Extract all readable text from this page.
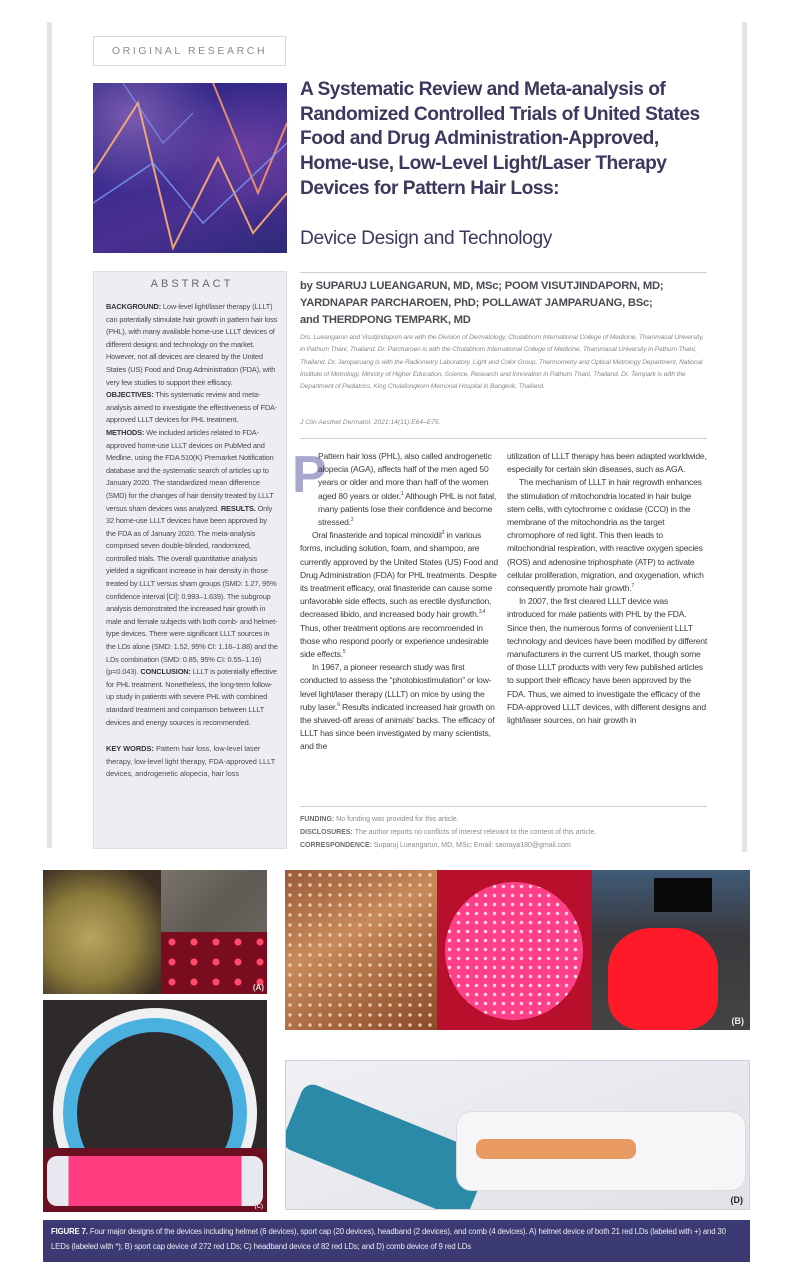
ORIGINAL RESEARCH
A Systematic Review and Meta-analysis of Randomized Controlled Trials of United States Food and Drug Administration-Approved, Home-use, Low-Level Light/Laser Therapy Devices for Pattern Hair Loss:
Device Design and Technology
ABSTRACT
BACKGROUND: Low-level light/laser therapy (LLLT) can potentially stimulate hair growth in pattern hair loss (PHL), with many available home-use LLLT devices of different designs and technology on the market. However, not all devices are cleared by the United States (US) Food and Drug Administration (FDA), with very few studies to support their efficacy. OBJECTIVES: This systematic review and meta-analysis aimed to investigate the effectiveness of FDA-approved LLLT devices for PHL treatment. METHODS: We included articles related to FDA-approved home-use LLLT devices on PubMed and Medline, using the FDA 510(K) Premarket Notification database and the systematic search of articles up to January 2020. The standardized mean difference (SMD) for the changes of hair density treated by LLLT versus sham devices was analyzed. RESULTS. Only 32 home-use LLLT devices have been approved by the FDA as of January 2020. The meta-analysis comprised seven double-blinded, randomized, controlled trials. The overall quantitative analysis yielded a significant increase in hair density in those treated by LLLT versus sham groups (SMD: 1.27, 95% confidence interval [CI]: 0.993–1.639). The subgroup analysis demonstrated the increased hair growth in male and female subjects with both comb- and helmet-type devices. There were significant LLLT sources in the LDs alone (SMD: 1.52, 95% CI: 1.16–1.88) and the LDs combination (SMD: 0.85, 95% CI: 0.55–1.16) (p=0.043). CONCLUSION: LLLT is potentially effective for PHL treatment. Nonetheless, the long-term follow-up study in patients with severe PHL with combined standard treatment and comparison between LLLT devices and energy sources is recommended.
KEY WORDS: Pattern hair loss, low-level laser therapy, low-level light therapy, FDA-approved LLLT devices, androgenetic alopecia, hair loss
by SUPARUJ LUEANGARUN, MD, MSc; POOM VISUTJINDAPORN, MD;
YARDNAPAR PARCHAROEN, PhD; POLLAWAT JAMPARUANG, BSc;
and THERDPONG TEMPARK, MD
Drs. Lueangarun and Visutjindaporn are with the Division of Dermatology, Chulabhorn International College of Medicine, Thammasat University, in Pathum Thani, Thailand. Dr. Parcharoen is with the Chulabhorn International College of Medicine, Thammasat University in Pathum Thani, Thailand. Dr. Jamparuang is with the Radiometry Laboratory, Light and Color Group, Thermometry and Optical Metrology Department, National Institute of Metrology, Ministry of Higher Education, Science, Research and Innovation in Pathum Thani, Thailand. Dr. Tempark is with the Department of Pediatrics, King Chulalongkorn Memorial Hospital in Bangkok, Thailand.
J Clin Aesthet Dermatol. 2021;14(11):E64–E75.
P

Pattern hair loss (PHL), also called androgenetic alopecia (AGA), affects half of the men aged 50 years or older and more than half of the women aged 80 years or older.$^1$ Although PHL is not fatal, many patients lose their confidence and become stressed.$^2$

Oral finasteride and topical minoxidil$^3$ in various forms, including solution, foam, and shampoo, are currently approved by the United States (US) Food and Drug Administration (FDA) for PHL treatments. Despite its treatment efficacy, oral finasteride can cause some unfavorable side effects, such as erectile dysfunction, decreased libido, and increased body hair growth.$^{3,4}$ Thus, other treatment options are recommended in those who respond poorly or experience undesirable side effects.$^5$

In 1967, a pioneer research study was first conducted to assess the “photobiostimulation” or low-level light/laser therapy (LLLT) on mice by using the ruby laser.$^6$ Results indicated increased hair growth on the shaved-off areas of animals’ backs. The efficacy of LLLT has since been investigated by many scientists, and the

utilization of LLLT therapy has been adapted worldwide, especially for certain skin diseases, such as AGA.

The mechanism of LLLT in hair regrowth enhances the stimulation of mitochondria located in hair bulge stem cells, with cytochrome c oxidase (CCO) in the membrane of the mitochondria as the target chromophore of red light. This then leads to mitochondrial respiration, with reactive oxygen species (ROS) and adenosine triphosphate (ATP) to activate cellular proliferation, migration, and oxygenation, which consequently promote hair growth.$^7$

In 2007, the first cleared LLLT device was introduced for male patients with PHL by the FDA. Since then, the numerous forms of convenient LLLT technology and devices have been modified by different manufacturers in the current US market, though some of those LLLT products with very few published articles to support their efficacy have been approved by the FDA. Thus, we aimed to investigate the efficacy of the FDA-approved LLLT devices, with different designs and light/laser sources, on hair growth in

FUNDING: No funding was provided for this article.
DISCLOSURES: The author reports no conflicts of interest relevant to the content of this article.
CORRESPONDENCE: Suparuj Lueangarun, MD, MSc; Email: saoraya180@gmail.com
(A)
(B)
(C)
(D)
FIGURE 7. Four major designs of the devices including helmet (6 devices), sport cap (20 devices), headband (2 devices), and comb (4 devices). A) helmet device of both 21 red LDs (labeled with +) and 30 LEDs (labeled with *); B) sport cap device of 272 red LDs; C) headband device of 82 red LDs; and D) comb device of 9 red LDs
